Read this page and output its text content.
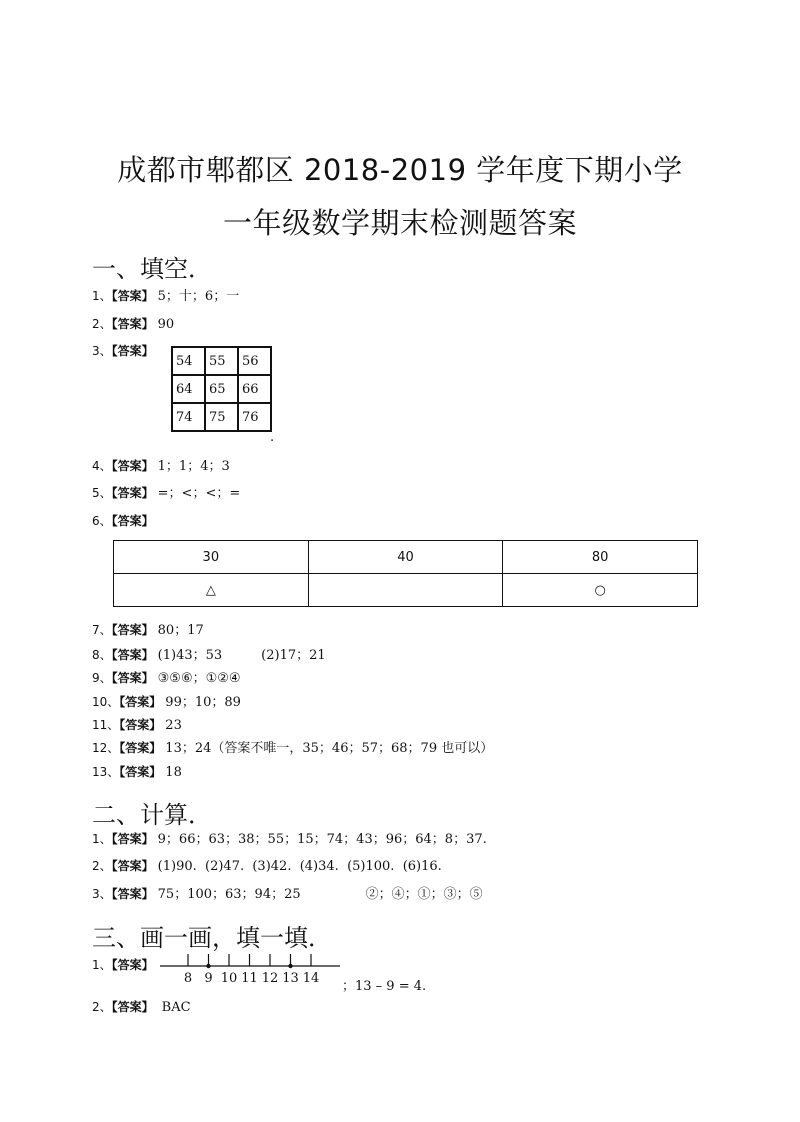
成都市郫都区 2018-2019 学年度下期小学
一年级数学期末检测题答案
一、填空．
1、【答案】 5；十；6；一
2、【答案】 90
3、【答案】
54	55	56
64	65	66
74	75	76
.
4、【答案】 1；1；4；3
5、【答案】 =；<；<；=
6、【答案】
30	40	80
△		○
7、【答案】 80；17
8、【答案】 (1)43；53　　　(2)17；21
9、【答案】 ③⑤⑥；①②④
10、【答案】 99；10；89
11、【答案】 23
12、【答案】 13；24（答案不唯一，35；46；57；68；79 也可以）
13、【答案】 18
二、计算．
1、【答案】 9；66；63；38；55；15；74；43；96；64；8；37.
2、【答案】 (1)90.  (2)47.  (3)42.  (4)34.  (5)100.  (6)16.
3、【答案】 75；100；63；94；25　　　　　②；④；①；③；⑤
三、画一画，填一填．
1、【答案】
8 9 10 11 12 13 14
；13 – 9 = 4.
2、【答案】 BAC
